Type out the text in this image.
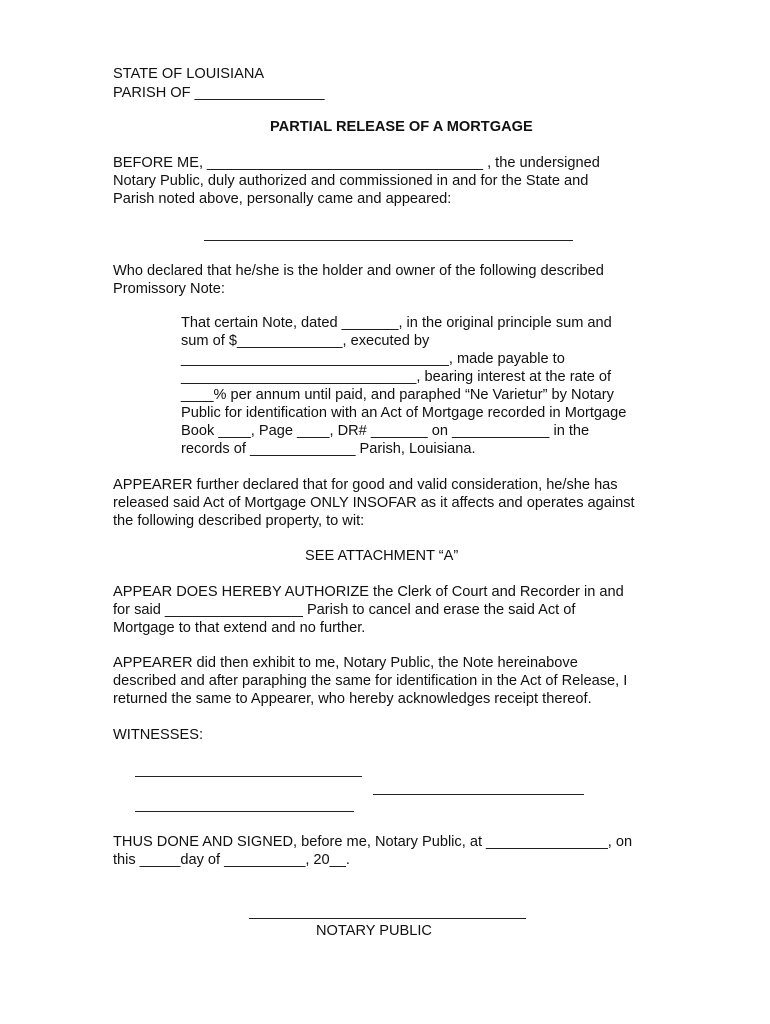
STATE OF LOUISIANA
PARISH OF ________________
PARTIAL RELEASE OF A MORTGAGE
BEFORE ME, __________________________________ , the undersigned
Notary Public, duly authorized and commissioned in and for the State and
Parish noted above, personally came and appeared:
Who declared that he/she is the holder and owner of the following described
Promissory Note:
That certain Note, dated _______, in the original principle sum and
sum of $_____________, executed by
_________________________________, made payable to
_____________________________, bearing interest at the rate of
____% per annum until paid, and paraphed “Ne Varietur” by Notary
Public for identification with an Act of Mortgage recorded in Mortgage
Book ____, Page ____, DR# _______ on ____________ in the
records of _____________ Parish, Louisiana.
APPEARER further declared that for good and valid consideration, he/she has
released said Act of Mortgage ONLY INSOFAR as it affects and operates against
the following described property, to wit:
SEE ATTACHMENT “A”
APPEAR DOES HEREBY AUTHORIZE the Clerk of Court and Recorder in and
for said _________________ Parish to cancel and erase the said Act of
Mortgage to that extend and no further.
APPEARER did then exhibit to me, Notary Public, the Note hereinabove
described and after paraphing the same for identification in the Act of Release, I
returned the same to Appearer, who hereby acknowledges receipt thereof.
WITNESSES:
THUS DONE AND SIGNED, before me, Notary Public, at _______________, on
this _____day of __________, 20__.
NOTARY PUBLIC
